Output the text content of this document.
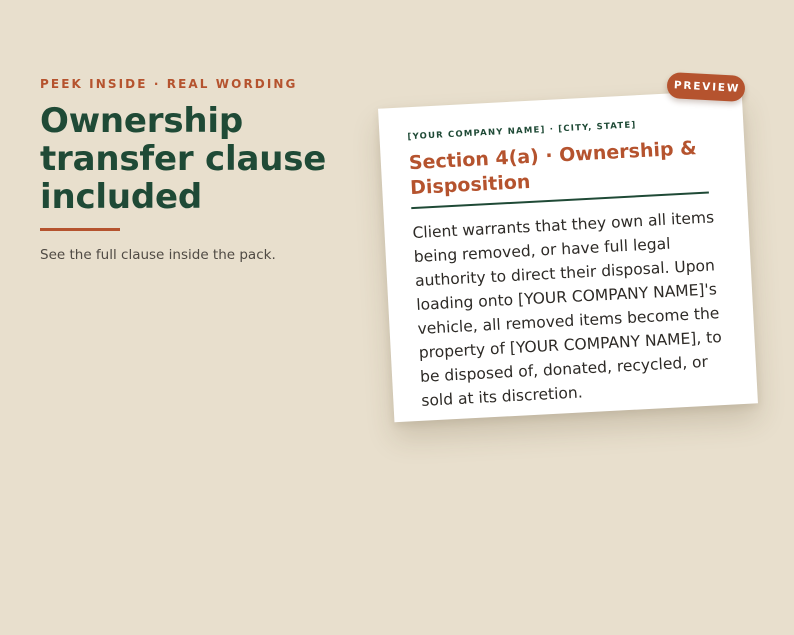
PEEK INSIDE · REAL WORDING

Ownership transfer clause included

See the full clause inside the pack.

[YOUR COMPANY NAME] · [CITY, STATE]

Section 4(a) · Ownership & Disposition

Client warrants that they own all items being removed, or have full legal authority to direct their disposal. Upon loading onto [YOUR COMPANY NAME]'s vehicle, all removed items become the property of [YOUR COMPANY NAME], to be disposed of, donated, recycled, or sold at its discretion.

PREVIEW
